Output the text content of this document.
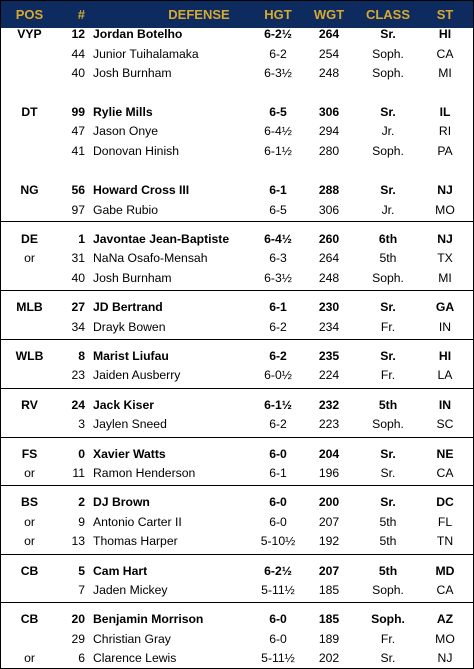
POS	#	DEFENSE	HGT	WGT	CLASS	ST
VYP	12 Jordan Botelho	6-2½	264	Sr.	HI
44 Junior Tuihalamaka	6-2	254	Soph.	CA
40 Josh Burnham	6-3½	248	Soph.	MI
DT	99 Rylie Mills	6-5	306	Sr.	IL
47 Jason Onye	6-4½	294	Jr.	RI
41 Donovan Hinish	6-1½	280	Soph.	PA
NG	56 Howard Cross III	6-1	288	Sr.	NJ
97 Gabe Rubio	6-5	306	Jr.	MO
DE	1 Javontae Jean-Baptiste	6-4½	260	6th	NJ
or	31 NaNa Osafo-Mensah	6-3	264	5th	TX
40 Josh Burnham	6-3½	248	Soph.	MI
MLB	27 JD Bertrand	6-1	230	Sr.	GA
34 Drayk Bowen	6-2	234	Fr.	IN
WLB	8 Marist Liufau	6-2	235	Sr.	HI
23 Jaiden Ausberry	6-0½	224	Fr.	LA
RV	24 Jack Kiser	6-1½	232	5th	IN
3 Jaylen Sneed	6-2	223	Soph.	SC
FS	0 Xavier Watts	6-0	204	Sr.	NE
or	11 Ramon Henderson	6-1	196	Sr.	CA
BS	2 DJ Brown	6-0	200	Sr.	DC
or	9 Antonio Carter II	6-0	207	5th	FL
or	13 Thomas Harper	5-10½	192	5th	TN
CB	5 Cam Hart	6-2½	207	5th	MD
7 Jaden Mickey	5-11½	185	Soph.	CA
CB	20 Benjamin Morrison	6-0	185	Soph.	AZ
29 Christian Gray	6-0	189	Fr.	MO
or	6 Clarence Lewis	5-11½	202	Sr.	NJ
